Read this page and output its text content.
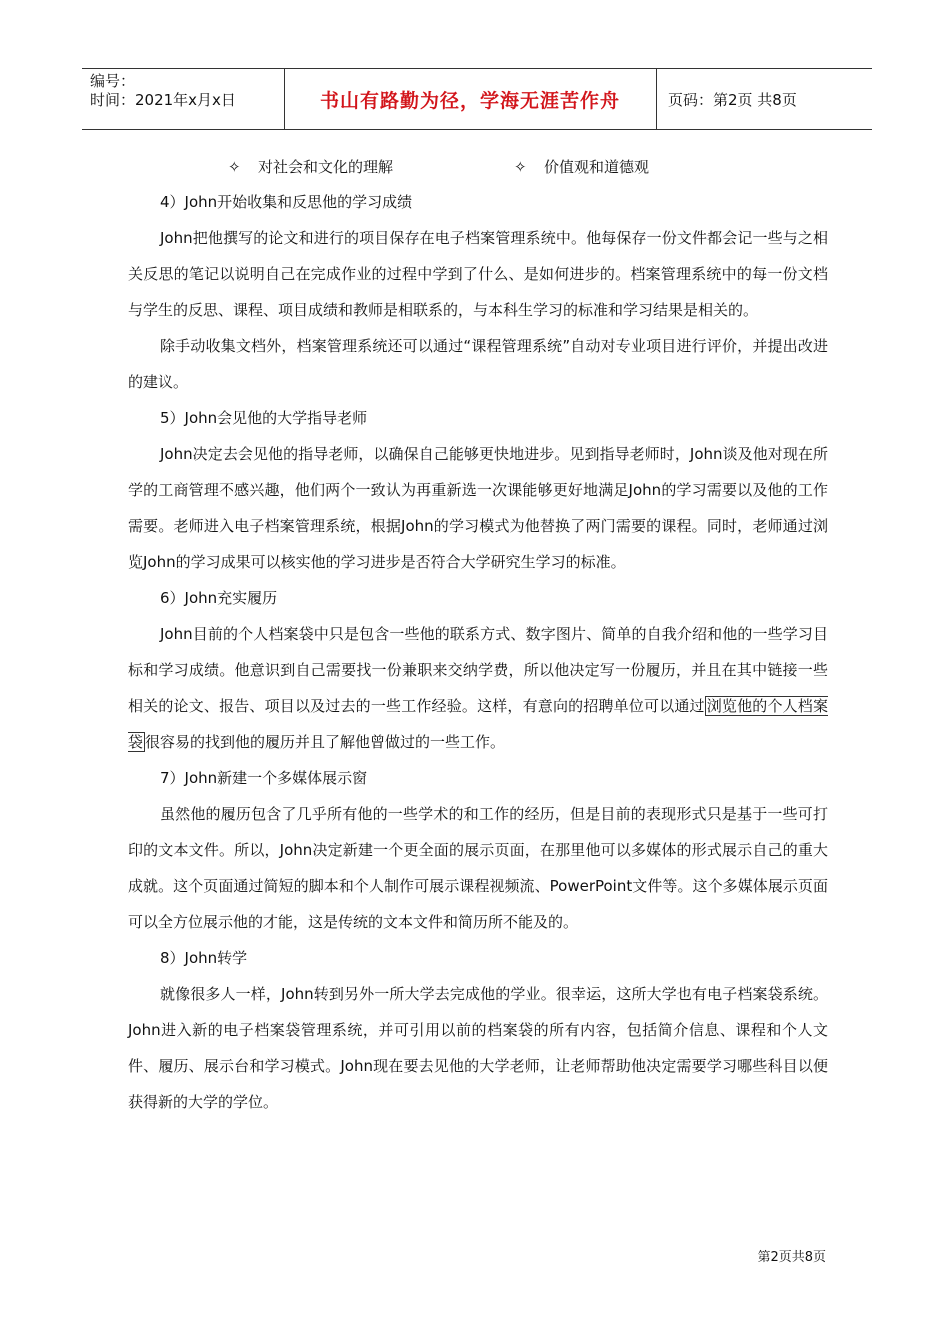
编号：
时间：2021年x月x日	书山有路勤为径，学海无涯苦作舟	页码：第2页 共8页
✧ 对社会和文化的理解	✧ 价值观和道德观

4）John开始收集和反思他的学习成绩

John把他撰写的论文和进行的项目保存在电子档案管理系统中。他每保存一份文件都会记一些与之相关反思的笔记以说明自己在完成作业的过程中学到了什么、是如何进步的。档案管理系统中的每一份文档与学生的反思、课程、项目成绩和教师是相联系的，与本科生学习的标准和学习结果是相关的。

除手动收集文档外，档案管理系统还可以通过“课程管理系统”自动对专业项目进行评价，并提出改进的建议。

5）John会见他的大学指导老师

John决定去会见他的指导老师，以确保自己能够更快地进步。见到指导老师时，John谈及他对现在所学的工商管理不感兴趣，他们两个一致认为再重新选一次课能够更好地满足John的学习需要以及他的工作需要。老师进入电子档案管理系统，根据John的学习模式为他替换了两门需要的课程。同时，老师通过浏览John的学习成果可以核实他的学习进步是否符合大学研究生学习的标准。

6）John充实履历

John目前的个人档案袋中只是包含一些他的联系方式、数字图片、简单的自我介绍和他的一些学习目标和学习成绩。他意识到自己需要找一份兼职来交纳学费，所以他决定写一份履历，并且在其中链接一些相关的论文、报告、项目以及过去的一些工作经验。这样，有意向的招聘单位可以通过 浏览他的个人档案袋 很容易的找到他的履历并且了解他曾做过的一些工作。

7）John新建一个多媒体展示窗

虽然他的履历包含了几乎所有他的一些学术的和工作的经历，但是目前的表现形式只是基于一些可打印的文本文件。所以，John决定新建一个更全面的展示页面，在那里他可以多媒体的形式展示自己的重大成就。这个页面通过简短的脚本和个人制作可展示课程视频流、PowerPoint文件等。这个多媒体展示页面可以全方位展示他的才能，这是传统的文本文件和简历所不能及的。

8）John转学

就像很多人一样，John转到另外一所大学去完成他的学业。很幸运，这所大学也有电子档案袋系统。John进入新的电子档案袋管理系统，并可引用以前的档案袋的所有内容，包括简介信息、课程和个人文件、履历、展示台和学习模式。John现在要去见他的大学老师，让老师帮助他决定需要学习哪些科目以便获得新的大学的学位。

第2页共8页
